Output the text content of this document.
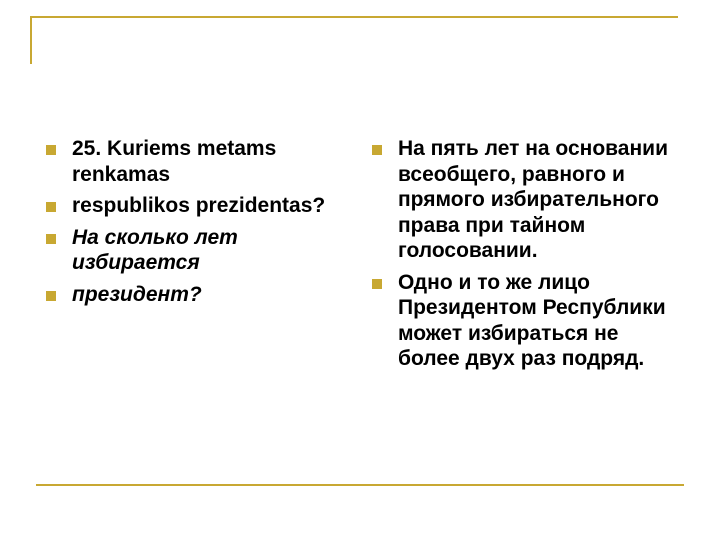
25. Kuriems metams renkamas
respublikos prezidentas?
На сколько лет избирается
президент?
На пять лет на основании всеобщего, равного и прямого избирательного права при тайном голосовании.
Одно и то же лицо Президентом Республики может избираться не более двух раз подряд.
